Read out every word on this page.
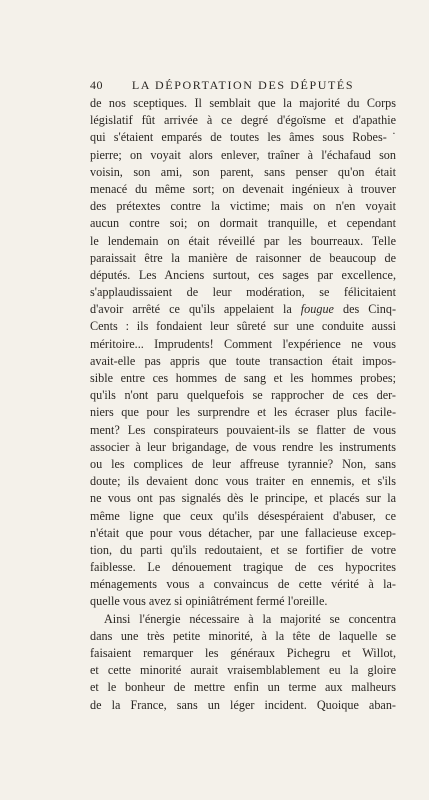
40	LA DÉPORTATION DES DÉPUTÉS
de nos sceptiques. Il semblait que la majorité du Corps
législatif fût arrivée à ce degré d'égoïsme et d'apathie
qui s'étaient emparés de toutes les âmes sous Robes-˙
pierre; on voyait alors enlever, traîner à l'échafaud son
voisin, son ami, son parent, sans penser qu'on était
menacé du même sort; on devenait ingénieux à trouver
des prétextes contre la victime; mais on n'en voyait
aucun contre soi; on dormait tranquille, et cependant
le lendemain on était réveillé par les bourreaux. Telle
paraissait être la manière de raisonner de beaucoup de
députés. Les Anciens surtout, ces sages par excellence,
s'applaudissaient de leur modération, se félicitaient
d'avoir arrêté ce qu'ils appelaient la fougue des Cinq-
Cents : ils fondaient leur sûreté sur une conduite aussi
méritoire... Imprudents! Comment l'expérience ne vous
avait-elle pas appris que toute transaction était impos-
sible entre ces hommes de sang et les hommes probes;
qu'ils n'ont paru quelquefois se rapprocher de ces der-
niers que pour les surprendre et les écraser plus facile-
ment? Les conspirateurs pouvaient-ils se flatter de vous
associer à leur brigandage, de vous rendre les instruments
ou les complices de leur affreuse tyrannie? Non, sans
doute; ils devaient donc vous traiter en ennemis, et s'ils
ne vous ont pas signalés dès le principe, et placés sur la
même ligne que ceux qu'ils désespéraient d'abuser, ce
n'était que pour vous détacher, par une fallacieuse excep-
tion, du parti qu'ils redoutaient, et se fortifier de votre
faiblesse. Le dénouement tragique de ces hypocrites
ménagements vous a convaincus de cette vérité à la-
quelle vous avez si opiniâtrément fermé l'oreille.
Ainsi l'énergie nécessaire à la majorité se concentra
dans une très petite minorité, à la tête de laquelle se
faisaient remarquer les généraux Pichegru et Willot,
et cette minorité aurait vraisemblablement eu la gloire
et le bonheur de mettre enfin un terme aux malheurs
de la France, sans un léger incident. Quoique aban-
